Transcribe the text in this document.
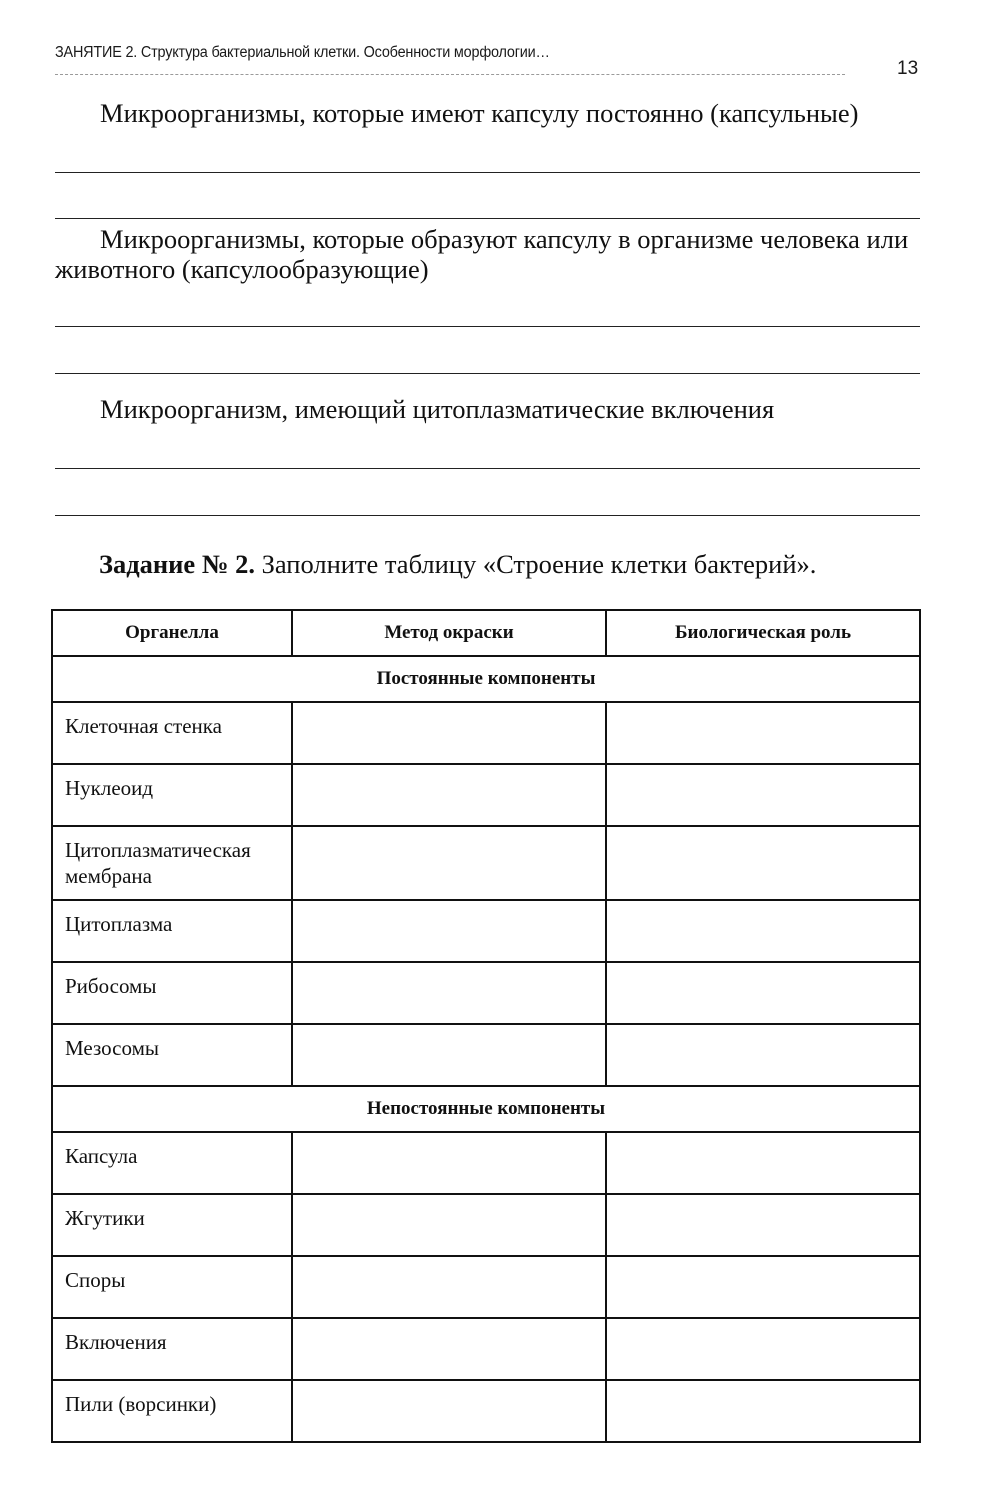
ЗАНЯТИЕ 2. Структура бактериальной клетки. Особенности морфологии…
13
Микроорганизмы, которые имеют капсулу постоянно (капсульные)
Микроорганизмы, которые образуют капсулу в организме человека или животного (капсулообразующие)
Микроорганизм, имеющий цитоплазматические включения
Задание № 2. Заполните таблицу «Строение клетки бактерий».
Органелла	Метод окраски	Биологическая роль
Постоянные компоненты		
Клеточная стенка		
Нуклеоид		
Цитоплазматическая мембрана		
Цитоплазма		
Рибосомы		
Мезосомы		
Непостоянные компоненты		
Капсула		
Жгутики		
Споры		
Включения		
Пили (ворсинки)		
